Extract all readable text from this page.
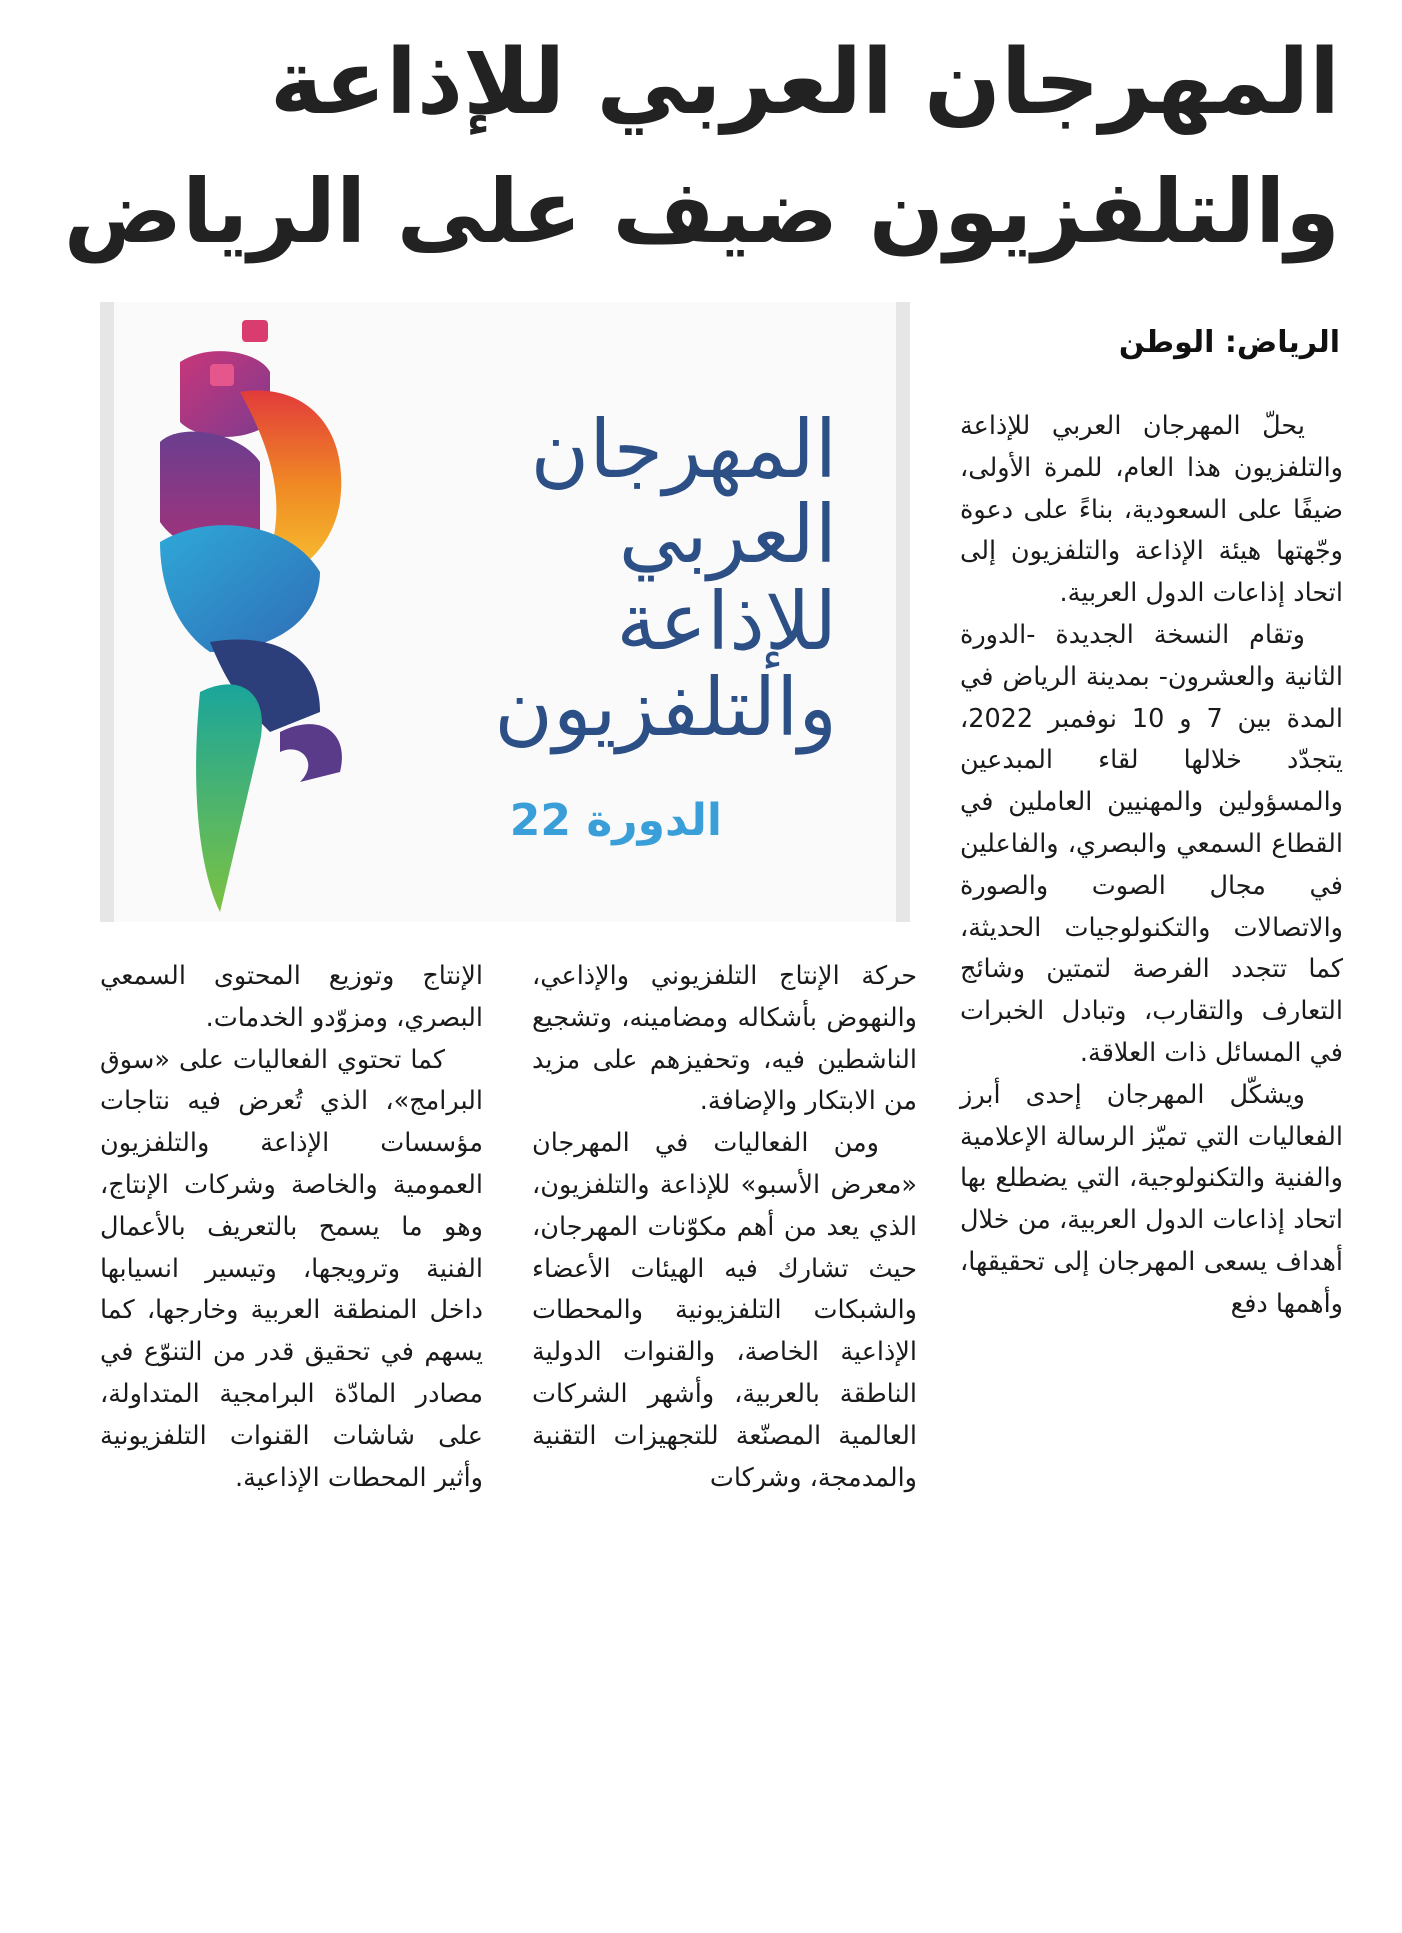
المهرجان العربي للإذاعة
والتلفزيون ضيف على الرياض
الرياض: الوطن
المهرجان
العربي
للإذاعة
والتلفزيون
الدورة 22

يحلّ المهرجان العربي للإذاعة والتلفزيون هذا العام، للمرة الأولى، ضيفًا على السعودية، بناءً على دعوة وجّهتها هيئة الإذاعة والتلفزيون إلى اتحاد إذاعات الدول العربية.

وتقام النسخة الجديدة -الدورة الثانية والعشرون- بمدينة الرياض في المدة بين 7 و 10 نوفمبر 2022، يتجدّد خلالها لقاء المبدعين والمسؤولين والمهنيين العاملين في القطاع السمعي والبصري، والفاعلين في مجال الصوت والصورة والاتصالات والتكنولوجيات الحديثة، كما تتجدد الفرصة لتمتين وشائج التعارف والتقارب، وتبادل الخبرات في المسائل ذات العلاقة.

ويشكّل المهرجان إحدى أبرز الفعاليات التي تميّز الرسالة الإعلامية والفنية والتكنولوجية، التي يضطلع بها اتحاد إذاعات الدول العربية، من خلال أهداف يسعى المهرجان إلى تحقيقها، وأهمها دفع

حركة الإنتاج التلفزيوني والإذاعي، والنهوض بأشكاله ومضامينه، وتشجيع الناشطين فيه، وتحفيزهم على مزيد من الابتكار والإضافة.

ومن الفعاليات في المهرجان «معرض الأسبو» للإذاعة والتلفزيون، الذي يعد من أهم مكوّنات المهرجان، حيث تشارك فيه الهيئات الأعضاء والشبكات التلفزيونية والمحطات الإذاعية الخاصة، والقنوات الدولية الناطقة بالعربية، وأشهر الشركات العالمية المصنّعة للتجهيزات التقنية والمدمجة، وشركات

الإنتاج وتوزيع المحتوى السمعي البصري، ومزوّدو الخدمات.

كما تحتوي الفعاليات على «سوق البرامج»، الذي تُعرض فيه نتاجات مؤسسات الإذاعة والتلفزيون العمومية والخاصة وشركات الإنتاج، وهو ما يسمح بالتعريف بالأعمال الفنية وترويجها، وتيسير انسيابها داخل المنطقة العربية وخارجها، كما يسهم في تحقيق قدر من التنوّع في مصادر المادّة البرامجية المتداولة، على شاشات القنوات التلفزيونية وأثير المحطات الإذاعية.
